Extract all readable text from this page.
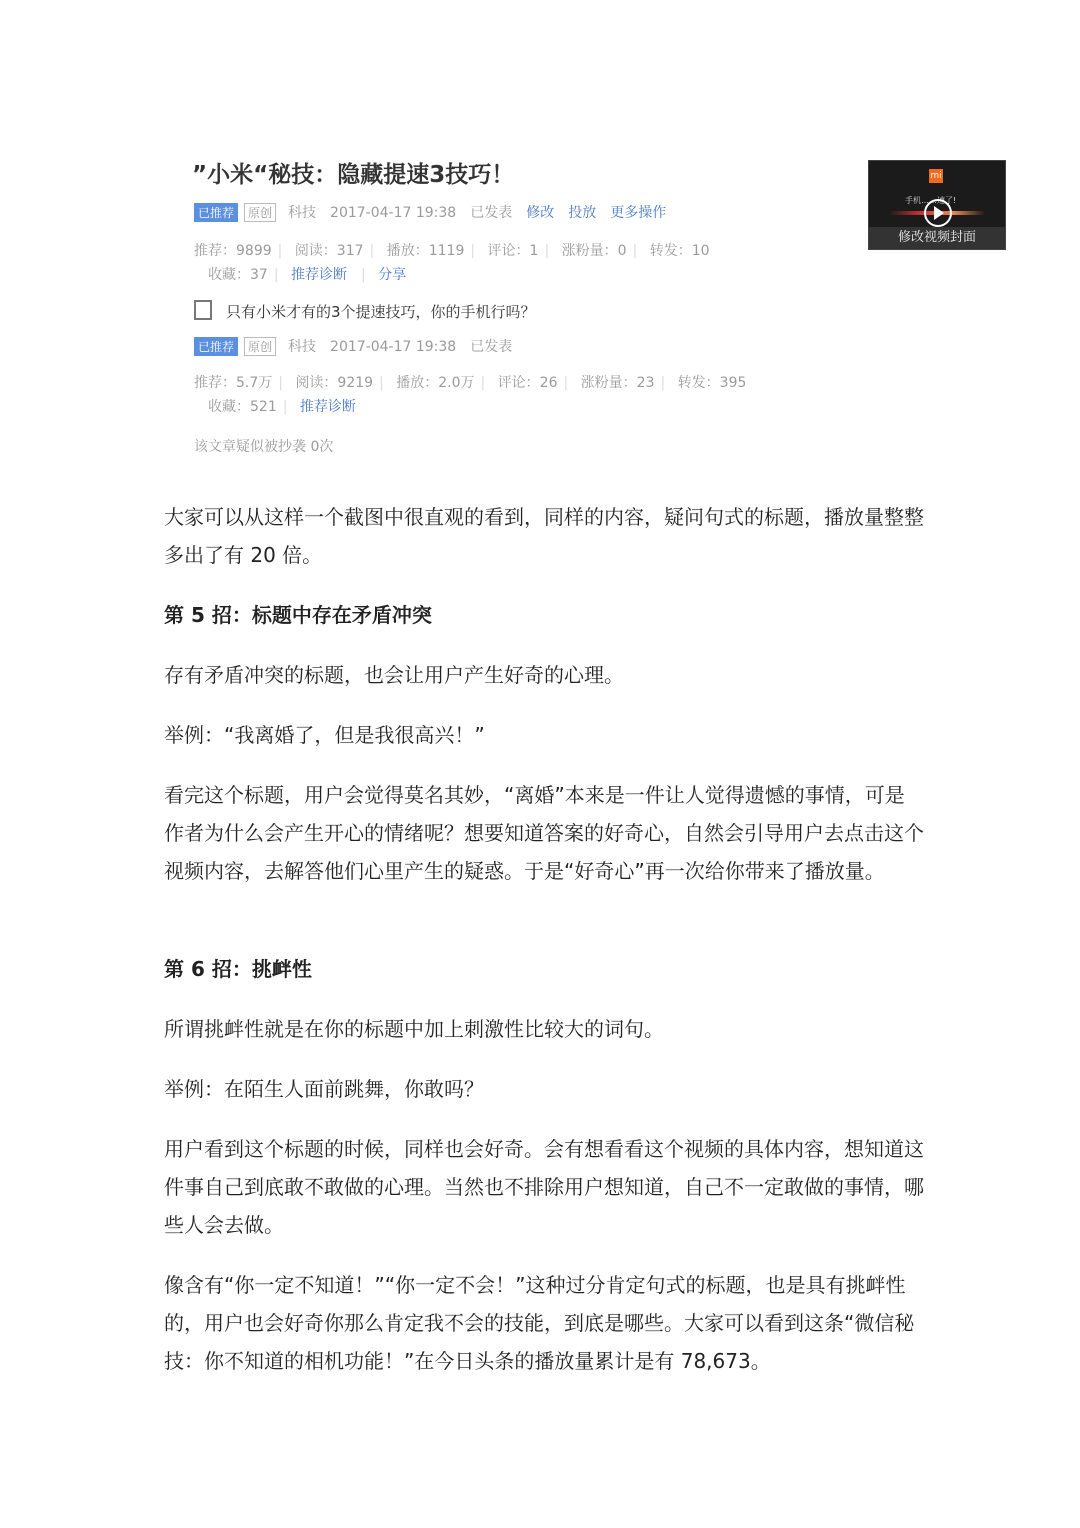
”小米“秘技：隐藏提速3技巧！
已推荐 原创 科技 2017-04-17 19:38 已发表 修改 投放 更多操作
推荐：9899 | 阅读：317 | 播放：1119 | 评论：1 | 涨粉量：0 | 转发：10
收藏：37 | 推荐诊断 | 分享
只有小米才有的3个提速技巧，你的手机行吗？
已推荐 原创 科技 2017-04-17 19:38 已发表
推荐：5.7万 | 阅读：9219 | 播放：2.0万 | 评论：26 | 涨粉量：23 | 转发：395
收藏：521 | 推荐诊断
该文章疑似被抄袭 0次
mi
手机……速了!
修改视频封面

大家可以从这样一个截图中很直观的看到，同样的内容，疑问句式的标题，播放量整整多出了有 20 倍。

第 5 招：标题中存在矛盾冲突

存有矛盾冲突的标题，也会让用户产生好奇的心理。

举例：“我离婚了，但是我很高兴！”

看完这个标题，用户会觉得莫名其妙，“离婚”本来是一件让人觉得遗憾的事情，可是作者为什么会产生开心的情绪呢？想要知道答案的好奇心，自然会引导用户去点击这个视频内容，去解答他们心里产生的疑惑。于是“好奇心”再一次给你带来了播放量。

第 6 招：挑衅性

所谓挑衅性就是在你的标题中加上刺激性比较大的词句。

举例：在陌生人面前跳舞，你敢吗？

用户看到这个标题的时候，同样也会好奇。会有想看看这个视频的具体内容，想知道这件事自己到底敢不敢做的心理。当然也不排除用户想知道，自己不一定敢做的事情，哪些人会去做。

像含有“你一定不知道！”“你一定不会！”这种过分肯定句式的标题，也是具有挑衅性的，用户也会好奇你那么肯定我不会的技能，到底是哪些。大家可以看到这条“微信秘技：你不知道的相机功能！”在今日头条的播放量累计是有 78,673。
